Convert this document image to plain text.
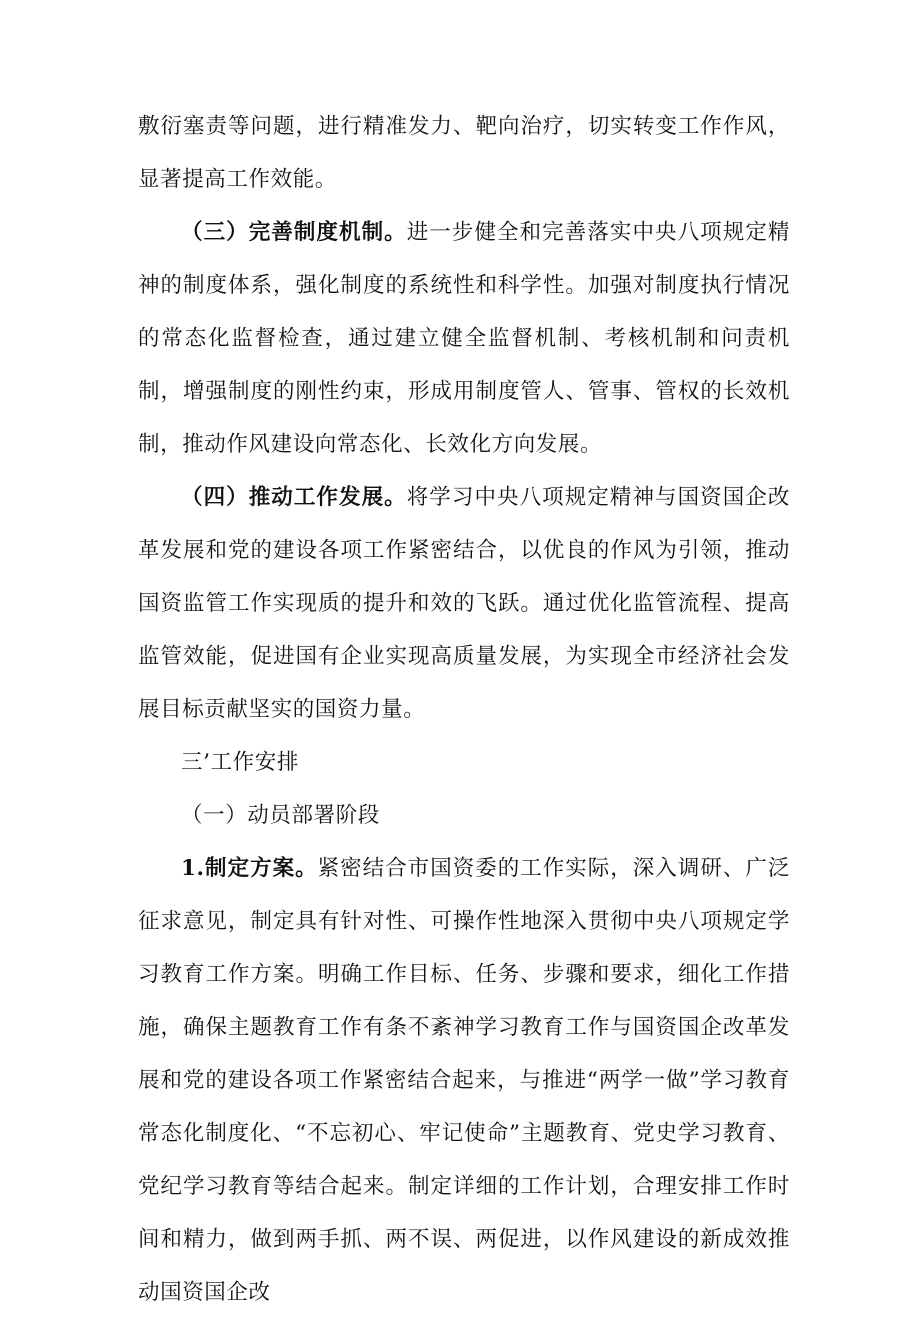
敷衍塞责等问题，进行精准发力、靶向治疗，切实转变工作作风，显著提高工作效能。

（三）完善制度机制。进一步健全和完善落实中央八项规定精神的制度体系，强化制度的系统性和科学性。加强对制度执行情况的常态化监督检查，通过建立健全监督机制、考核机制和问责机制，增强制度的刚性约束，形成用制度管人、管事、管权的长效机制，推动作风建设向常态化、长效化方向发展。

（四）推动工作发展。将学习中央八项规定精神与国资国企改革发展和党的建设各项工作紧密结合，以优良的作风为引领，推动国资监管工作实现质的提升和效的飞跃。通过优化监管流程、提高监管效能，促进国有企业实现高质量发展，为实现全市经济社会发展目标贡献坚实的国资力量。

三’工作安排

（一）动员部署阶段

1.制定方案。紧密结合市国资委的工作实际，深入调研、广泛征求意见，制定具有针对性、可操作性地深入贯彻中央八项规定学习教育工作方案。明确工作目标、任务、步骤和要求，细化工作措施，确保主题教育工作有条不紊神学习教育工作与国资国企改革发展和党的建设各项工作紧密结合起来，与推进“两学一做”学习教育常态化制度化、“不忘初心、牢记使命”主题教育、党史学习教育、党纪学习教育等结合起来。制定详细的工作计划，合理安排工作时间和精力，做到两手抓、两不误、两促进，以作风建设的新成效推动国资国企改
